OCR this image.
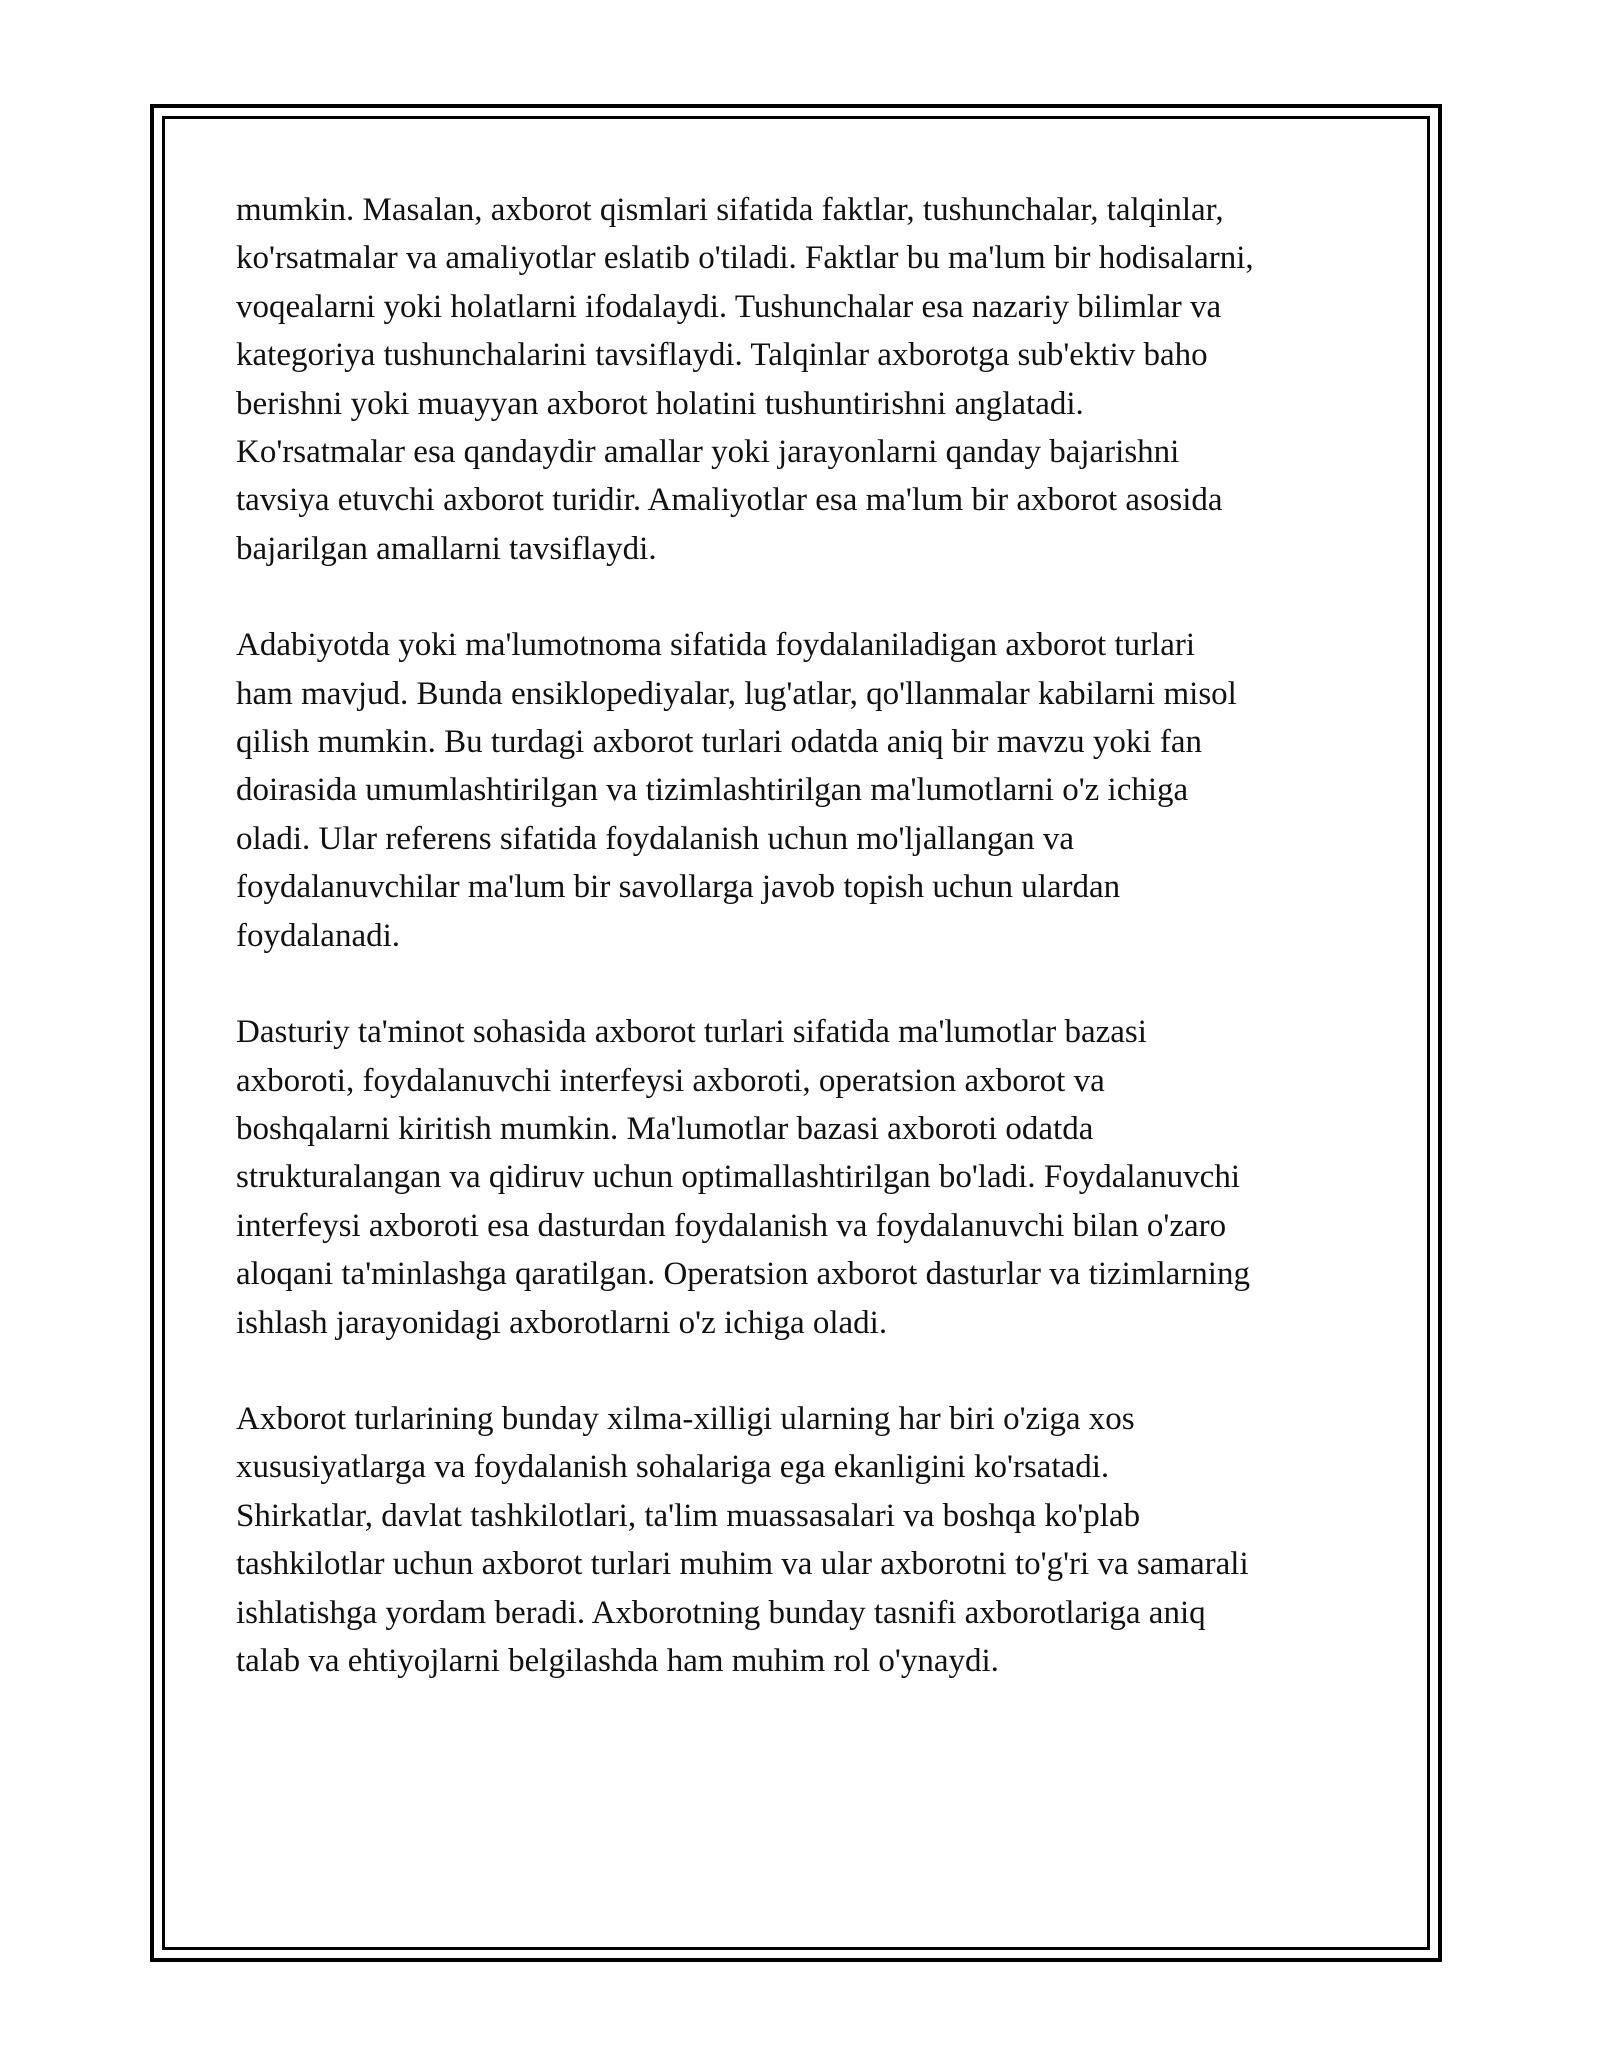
mumkin. Masalan, axborot qismlari sifatida faktlar, tushunchalar, talqinlar,
ko'rsatmalar va amaliyotlar eslatib o'tiladi. Faktlar bu ma'lum bir hodisalarni,
voqealarni yoki holatlarni ifodalaydi. Tushunchalar esa nazariy bilimlar va
kategoriya tushunchalarini tavsiflaydi. Talqinlar axborotga sub'ektiv baho
berishni yoki muayyan axborot holatini tushuntirishni anglatadi.
Ko'rsatmalar esa qandaydir amallar yoki jarayonlarni qanday bajarishni
tavsiya etuvchi axborot turidir. Amaliyotlar esa ma'lum bir axborot asosida
bajarilgan amallarni tavsiflaydi.

Adabiyotda yoki ma'lumotnoma sifatida foydalaniladigan axborot turlari
ham mavjud. Bunda ensiklopediyalar, lug'atlar, qo'llanmalar kabilarni misol
qilish mumkin. Bu turdagi axborot turlari odatda aniq bir mavzu yoki fan
doirasida umumlashtirilgan va tizimlashtirilgan ma'lumotlarni o'z ichiga
oladi. Ular referens sifatida foydalanish uchun mo'ljallangan va
foydalanuvchilar ma'lum bir savollarga javob topish uchun ulardan
foydalanadi.

Dasturiy ta'minot sohasida axborot turlari sifatida ma'lumotlar bazasi
axboroti, foydalanuvchi interfeysi axboroti, operatsion axborot va
boshqalarni kiritish mumkin. Ma'lumotlar bazasi axboroti odatda
strukturalangan va qidiruv uchun optimallashtirilgan bo'ladi. Foydalanuvchi
interfeysi axboroti esa dasturdan foydalanish va foydalanuvchi bilan o'zaro
aloqani ta'minlashga qaratilgan. Operatsion axborot dasturlar va tizimlarning
ishlash jarayonidagi axborotlarni o'z ichiga oladi.

Axborot turlarining bunday xilma-xilligi ularning har biri o'ziga xos
xususiyatlarga va foydalanish sohalariga ega ekanligini ko'rsatadi.
Shirkatlar, davlat tashkilotlari, ta'lim muassasalari va boshqa ko'plab
tashkilotlar uchun axborot turlari muhim va ular axborotni to'g'ri va samarali
ishlatishga yordam beradi. Axborotning bunday tasnifi axborotlariga aniq
talab va ehtiyojlarni belgilashda ham muhim rol o'ynaydi.
